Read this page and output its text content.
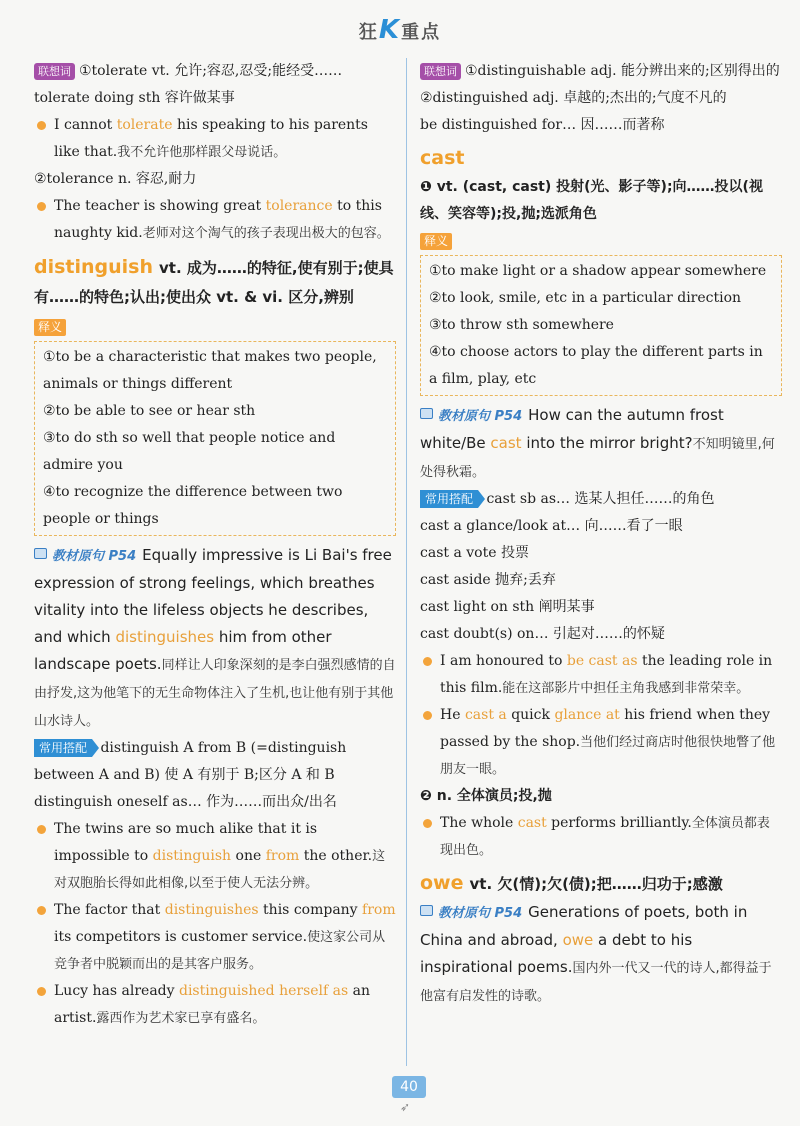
狂K重点
联想词 ①tolerate vt. 允许;容忍,忍受;能经受……
tolerate doing sth 容许做某事
I cannot tolerate his speaking to his parents like that.我不允许他那样跟父母说话。
②tolerance n. 容忍,耐力
The teacher is showing great tolerance to this naughty kid.老师对这个淘气的孩子表现出极大的包容。
distinguish vt. 成为……的特征,使有别于;使具有……的特色;认出;使出众 vt. & vi. 区分,辨别
释义
①to be a characteristic that makes two people, animals or things different
②to be able to see or hear sth
③to do sth so well that people notice and admire you
④to recognize the difference between two people or things
教材原句 P54 Equally impressive is Li Bai's free expression of strong feelings, which breathes vitality into the lifeless objects he describes, and which distinguishes him from other landscape poets.同样让人印象深刻的是李白强烈感情的自由抒发,这为他笔下的无生命物体注入了生机,也让他有别于其他山水诗人。
常用搭配 distinguish A from B (=distinguish between A and B) 使 A 有别于 B;区分 A 和 B
distinguish oneself as… 作为……而出众/出名
The twins are so much alike that it is impossible to distinguish one from the other.这对双胞胎长得如此相像,以至于使人无法分辨。
The factor that distinguishes this company from its competitors is customer service.使这家公司从竞争者中脱颖而出的是其客户服务。
Lucy has already distinguished herself as an artist.露西作为艺术家已享有盛名。
联想词 ①distinguishable adj. 能分辨出来的;区别得出的
②distinguished adj. 卓越的;杰出的;气度不凡的
be distinguished for… 因……而著称
cast
❶ vt. (cast, cast) 投射(光、影子等);向……投以(视线、笑容等);投,抛;选派角色
释义
①to make light or a shadow appear somewhere
②to look, smile, etc in a particular direction
③to throw sth somewhere
④to choose actors to play the different parts in a film, play, etc
教材原句 P54 How can the autumn frost white/Be cast into the mirror bright?不知明镜里,何处得秋霜。
常用搭配 cast sb as… 选某人担任……的角色
cast a glance/look at… 向……看了一眼
cast a vote 投票
cast aside 抛弃;丢弃
cast light on sth 阐明某事
cast doubt(s) on… 引起对……的怀疑
I am honoured to be cast as the leading role in this film.能在这部影片中担任主角我感到非常荣幸。
He cast a quick glance at his friend when they passed by the shop.当他们经过商店时他很快地瞥了他朋友一眼。
❷ n. 全体演员;投,抛
The whole cast performs brilliantly.全体演员都表现出色。
owe vt. 欠(情);欠(债);把……归功于;感激
教材原句 P54 Generations of poets, both in China and abroad, owe a debt to his inspirational poems.国内外一代又一代的诗人,都得益于他富有启发性的诗歌。
40
➶
